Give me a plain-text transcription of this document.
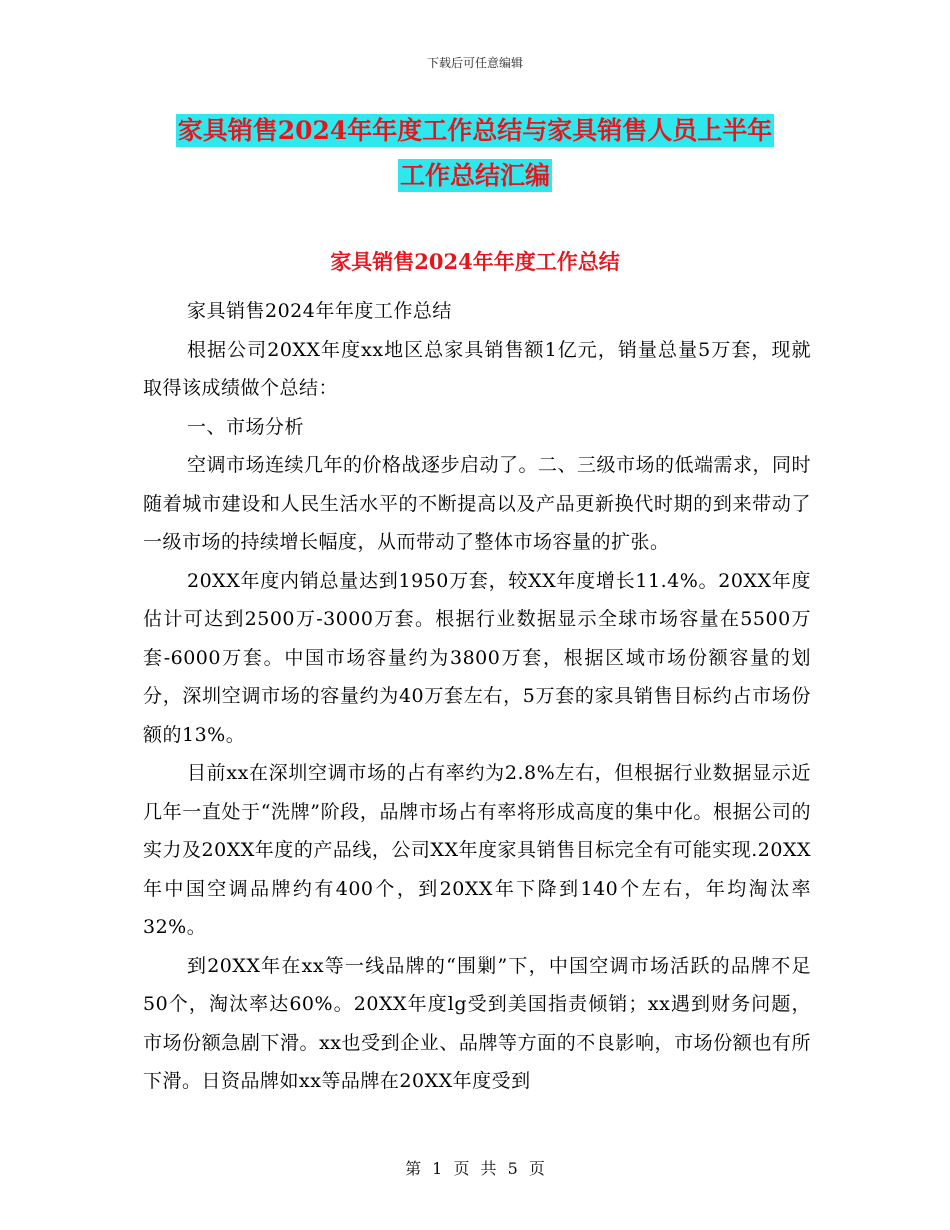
下载后可任意编辑
家具销售2024年年度工作总结与家具销售人员上半年
工作总结汇编
家具销售2024年年度工作总结

家具销售2024年年度工作总结

根据公司20XX年度xx地区总家具销售额1亿元，销量总量5万套，现就取得该成绩做个总结：

一、市场分析

空调市场连续几年的价格战逐步启动了。二、三级市场的低端需求，同时随着城市建设和人民生活水平的不断提高以及产品更新换代时期的到来带动了一级市场的持续增长幅度，从而带动了整体市场容量的扩张。

20XX年度内销总量达到1950万套，较XX年度增长11.4%。20XX年度估计可达到2500万-3000万套。根据行业数据显示全球市场容量在5500万套-6000万套。中国市场容量约为3800万套，根据区域市场份额容量的划分，深圳空调市场的容量约为40万套左右，5万套的家具销售目标约占市场份额的13%。

目前xx在深圳空调市场的占有率约为2.8%左右，但根据行业数据显示近几年一直处于“洗牌”阶段，品牌市场占有率将形成高度的集中化。根据公司的实力及20XX年度的产品线，公司XX年度家具销售目标完全有可能实现.20XX年中国空调品牌约有400个，到20XX年下降到140个左右，年均淘汰率32%。

到20XX年在xx等一线品牌的“围剿”下，中国空调市场活跃的品牌不足50个，淘汰率达60%。20XX年度lg受到美国指责倾销；xx遇到财务问题，市场份额急剧下滑。xx也受到企业、品牌等方面的不良影响，市场份额也有所下滑。日资品牌如xx等品牌在20XX年度受到

第 1 页 共 5 页
